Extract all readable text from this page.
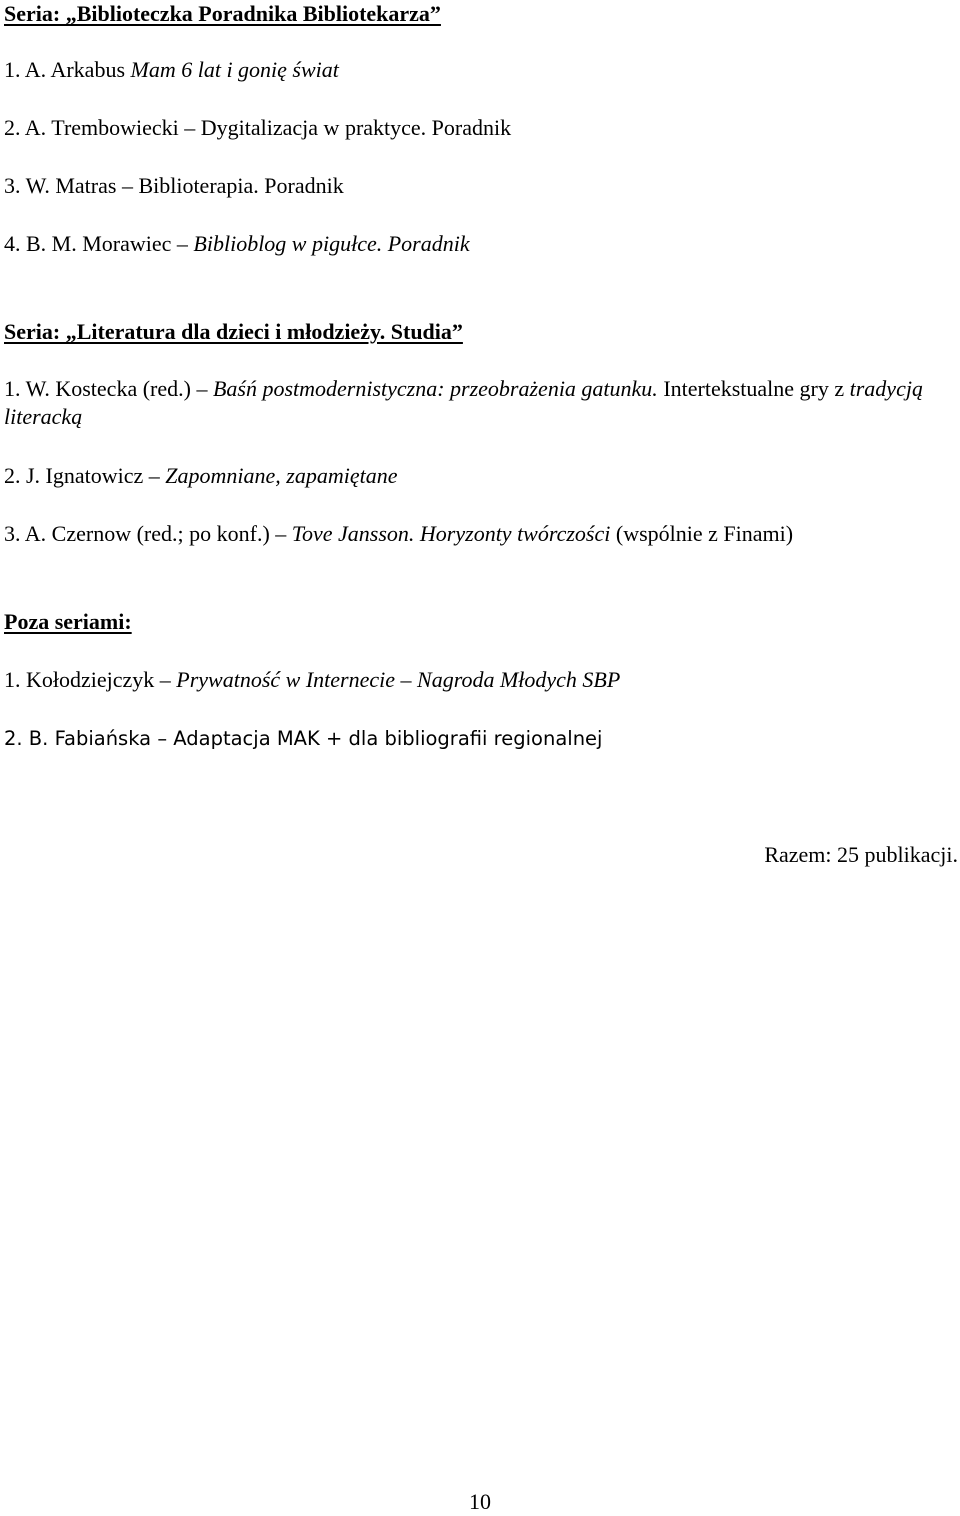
Seria: „Biblioteczka Poradnika Bibliotekarza”
1. A. Arkabus Mam 6 lat i gonię świat
2. A. Trembowiecki – Dygitalizacja w praktyce. Poradnik
3. W. Matras – Biblioterapia. Poradnik
4. B. M. Morawiec – Biblioblog w pigułce. Poradnik
Seria: „Literatura dla dzieci i młodzieży. Studia”
1. W. Kostecka (red.) – Baśń postmodernistyczna: przeobrażenia gatunku. Intertekstualne gry z tradycją literacką
2. J. Ignatowicz – Zapomniane, zapamiętane
3. A. Czernow (red.; po konf.) – Tove Jansson. Horyzonty twórczości (wspólnie z Finami)
Poza seriami:
1. Kołodziejczyk – Prywatność w Internecie – Nagroda Młodych SBP
2. B. Fabiańska – Adaptacja MAK + dla bibliografii regionalnej
Razem: 25 publikacji.
10
